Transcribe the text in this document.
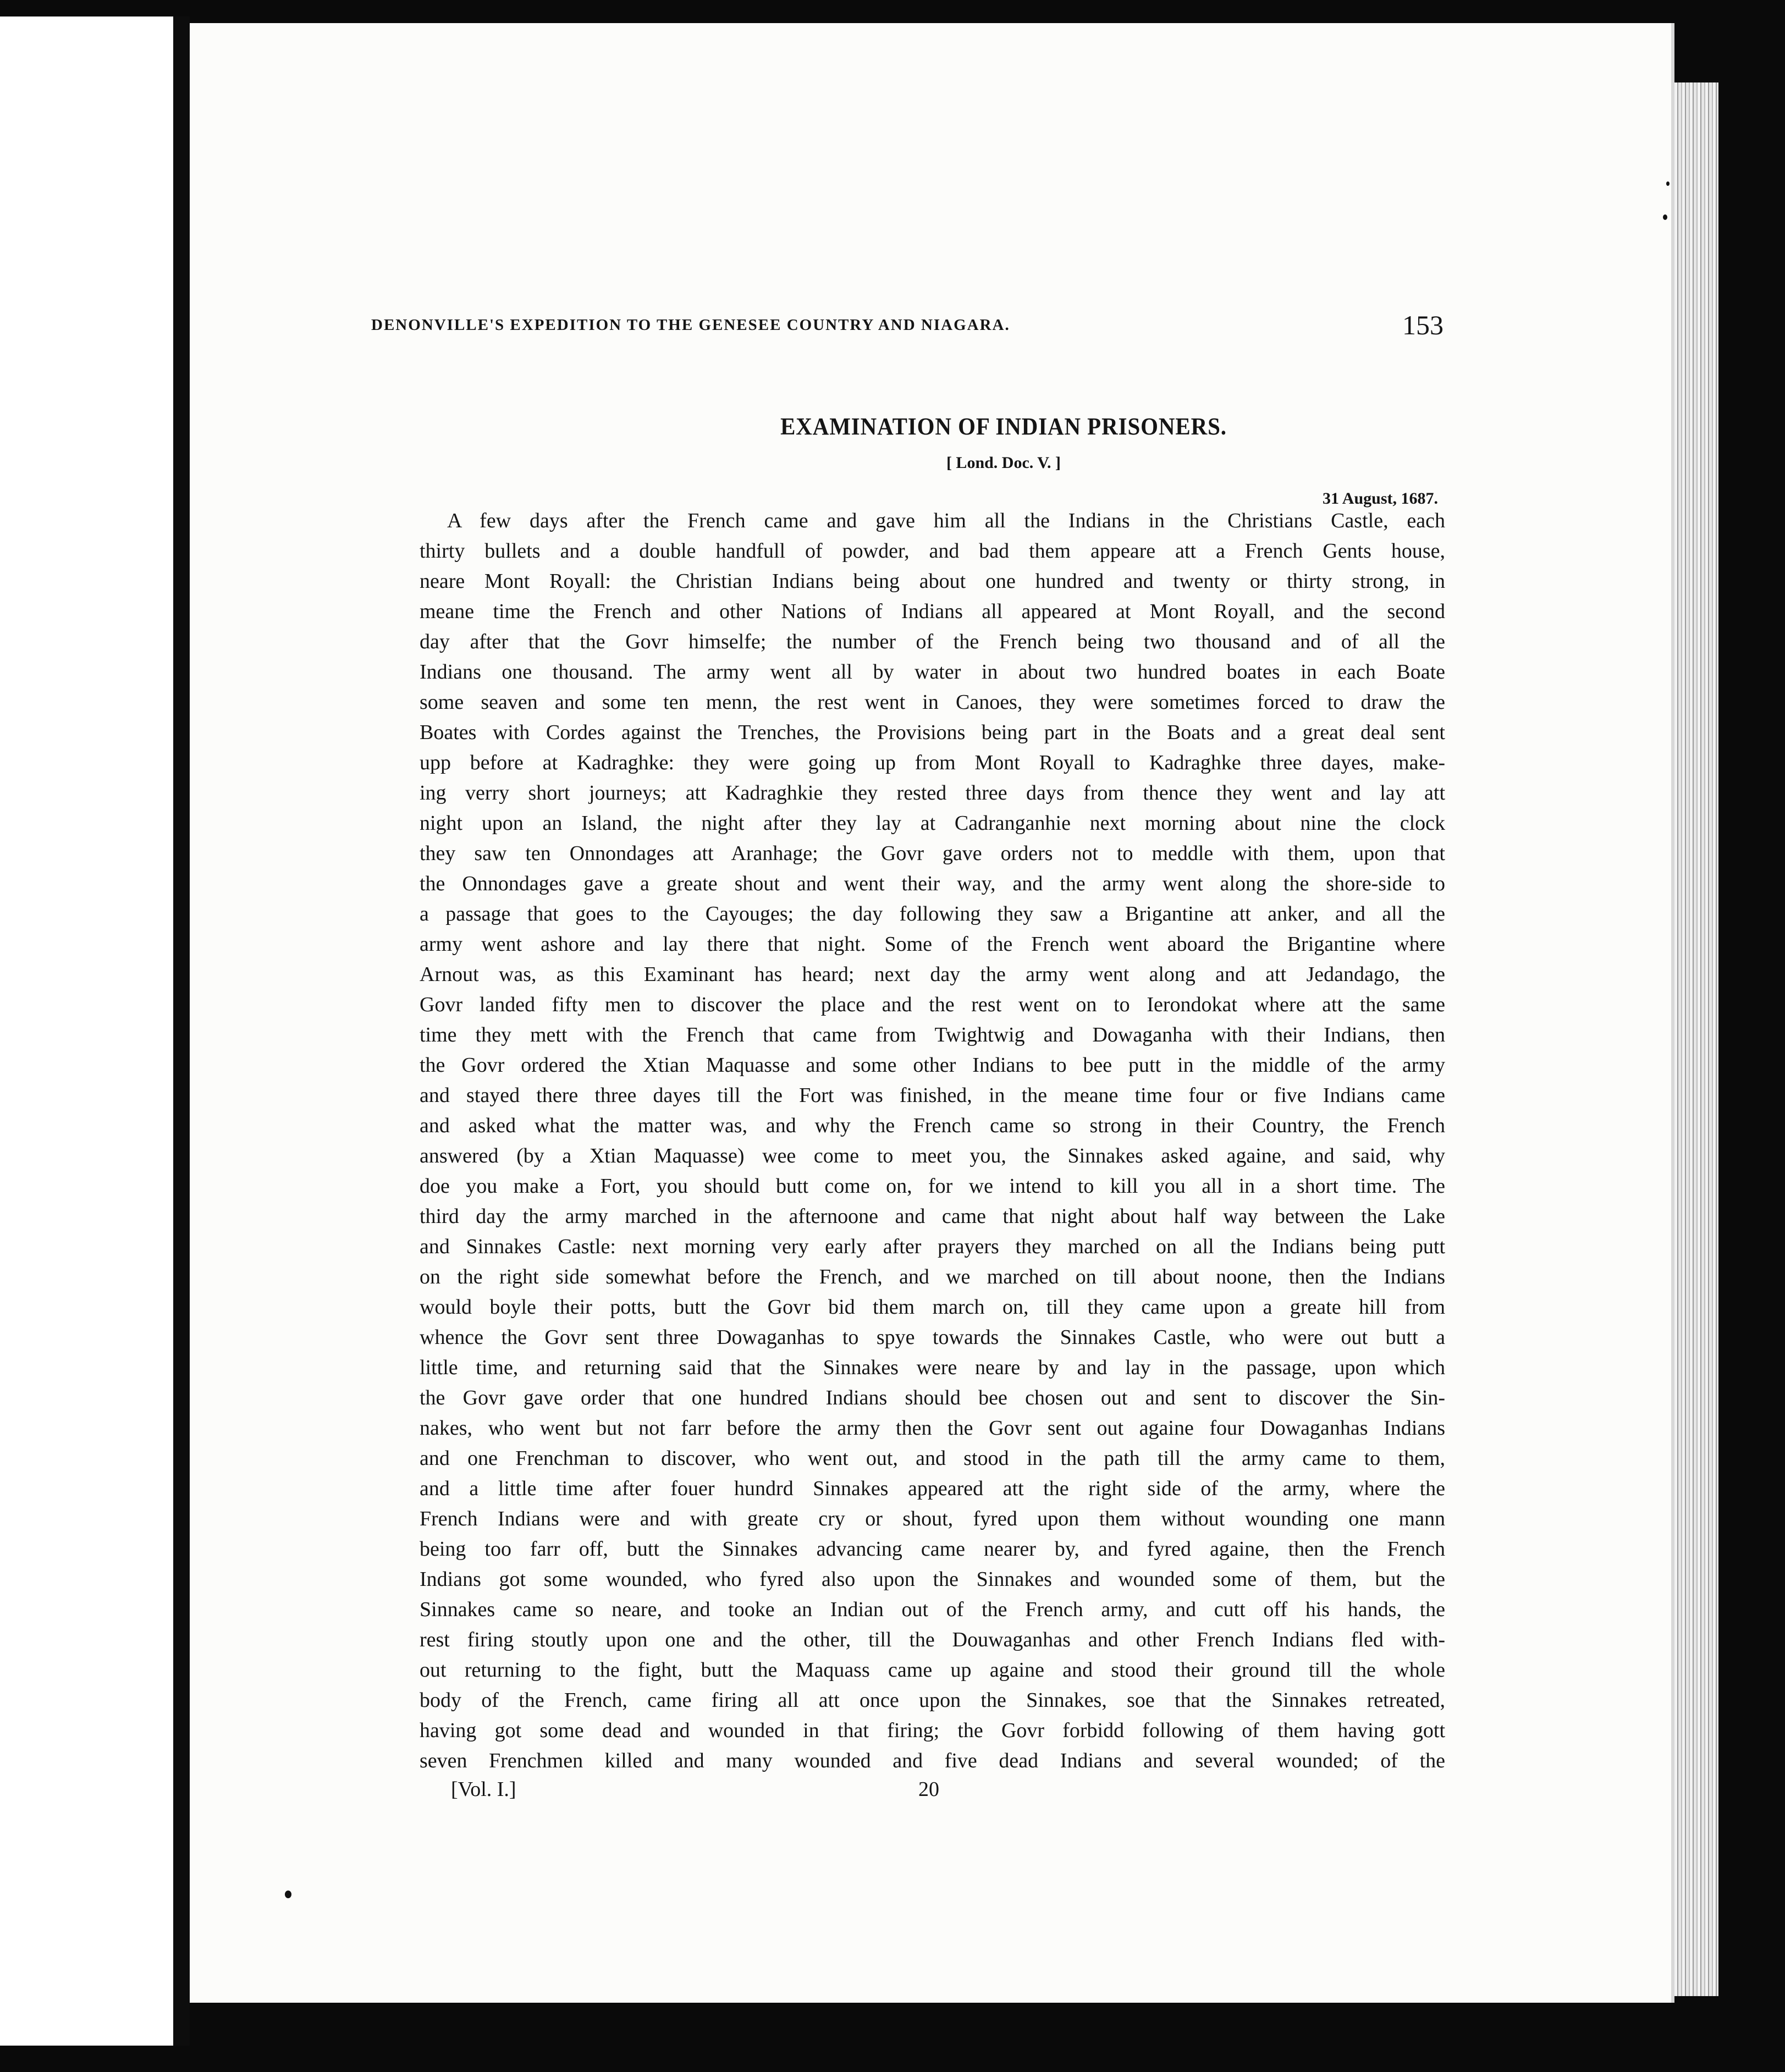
DENONVILLE'S EXPEDITION TO THE GENESEE COUNTRY AND NIAGARA.	153
EXAMINATION OF INDIAN PRISONERS.
[ Lond. Doc. V. ]
31 August, 1687.
A few days after the French came and gave him all the Indians in the Christians Castle, each
thirty bullets and a double handfull of powder, and bad them appeare att a French Gents house,
neare Mont Royall: the Christian Indians being about one hundred and twenty or thirty strong, in
meane time the French and other Nations of Indians all appeared at Mont Royall, and the second
day after that the Govr himselfe; the number of the French being two thousand and of all the
Indians one thousand. The army went all by water in about two hundred boates in each Boate
some seaven and some ten menn, the rest went in Canoes, they were sometimes forced to draw the
Boates with Cordes against the Trenches, the Provisions being part in the Boats and a great deal sent
upp before at Kadraghke: they were going up from Mont Royall to Kadraghke three dayes, make-
ing verry short journeys; att Kadraghkie they rested three days from thence they went and lay att
night upon an Island, the night after they lay at Cadranganhie next morning about nine the clock
they saw ten Onnondages att Aranhage; the Govr gave orders not to meddle with them, upon that
the Onnondages gave a greate shout and went their way, and the army went along the shore-side to
a passage that goes to the Cayouges; the day following they saw a Brigantine att anker, and all the
army went ashore and lay there that night. Some of the French went aboard the Brigantine where
Arnout was, as this Examinant has heard; next day the army went along and att Jedandago, the
Govr landed fifty men to discover the place and the rest went on to Ierondokat where att the same
time they mett with the French that came from Twightwig and Dowaganha with their Indians, then
the Govr ordered the Xtian Maquasse and some other Indians to bee putt in the middle of the army
and stayed there three dayes till the Fort was finished, in the meane time four or five Indians came
and asked what the matter was, and why the French came so strong in their Country, the French
answered (by a Xtian Maquasse) wee come to meet you, the Sinnakes asked againe, and said, why
doe you make a Fort, you should butt come on, for we intend to kill you all in a short time. The
third day the army marched in the afternoone and came that night about half way between the Lake
and Sinnakes Castle: next morning very early after prayers they marched on all the Indians being putt
on the right side somewhat before the French, and we marched on till about noone, then the Indians
would boyle their potts, butt the Govr bid them march on, till they came upon a greate hill from
whence the Govr sent three Dowaganhas to spye towards the Sinnakes Castle, who were out butt a
little time, and returning said that the Sinnakes were neare by and lay in the passage, upon which
the Govr gave order that one hundred Indians should bee chosen out and sent to discover the Sin-
nakes, who went but not farr before the army then the Govr sent out againe four Dowaganhas Indians
and one Frenchman to discover, who went out, and stood in the path till the army came to them,
and a little time after fouer hundrd Sinnakes appeared att the right side of the army, where the
French Indians were and with greate cry or shout, fyred upon them without wounding one mann
being too farr off, butt the Sinnakes advancing came nearer by, and fyred againe, then the French
Indians got some wounded, who fyred also upon the Sinnakes and wounded some of them, but the
Sinnakes came so neare, and tooke an Indian out of the French army, and cutt off his hands, the
rest firing stoutly upon one and the other, till the Douwaganhas and other French Indians fled with-
out returning to the fight, butt the Maquass came up againe and stood their ground till the whole
body of the French, came firing all att once upon the Sinnakes, soe that the Sinnakes retreated,
having got some dead and wounded in that firing; the Govr forbidd following of them having gott
seven Frenchmen killed and many wounded and five dead Indians and several wounded; of the
[Vol. I.]	20
